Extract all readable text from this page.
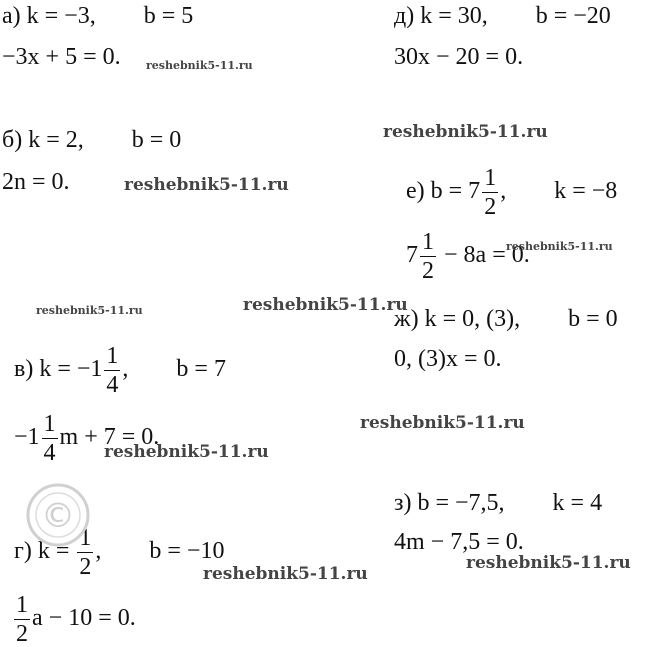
а) k = −3,        b = 5
−3x + 5 = 0.
б) k = 2,        b = 0
2n = 0.

в) $k = -1 \frac{1}{4}$ ,        b = 7

$-1 \frac{1}{4}$ m + 7 = 0.

г) $k = \frac{1}{2}$ ,        b = −10

$\frac{1}{2}$ a − 10 = 0.

д) k = 30,        b = −20
30x − 20 = 0.

е) $b = 7 \frac{1}{2}$ ,        k = −8

$7 \frac{1}{2} - 8a = 0$.

ж) k = 0, (3),        b = 0
0, (3)x = 0.
з) b = −7,5,        k = 4
4m − 7,5 = 0.
reshebnik5-11.ru
reshebnik5-11.ru
reshebnik5-11.ru
reshebnik5-11.ru
reshebnik5-11.ru	reshebnik5-11.ru
reshebnik5-11.ru
reshebnik5-11.ru
reshebnik5-11.ru
reshebnik5-11.ru
©
